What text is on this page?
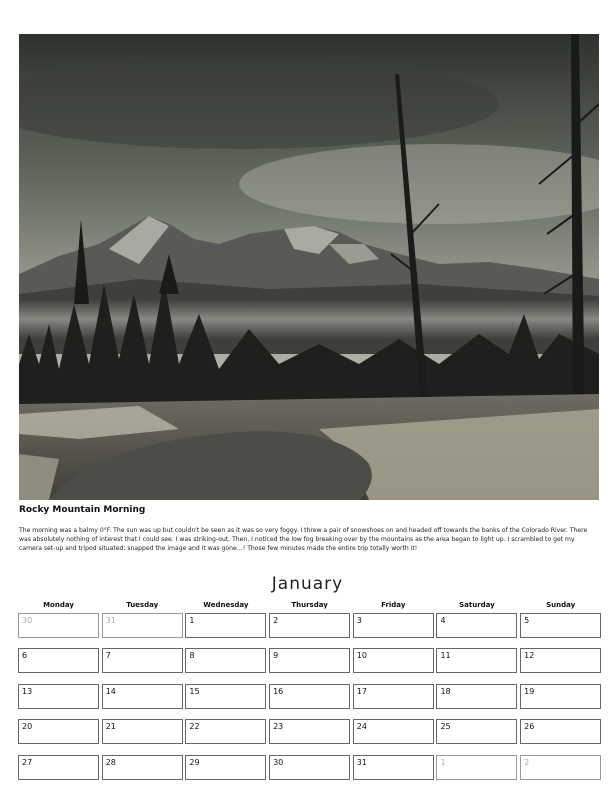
Rocky Mountain Morning
The morning was a balmy 0°F. The sun was up but couldn't be seen as it was so very foggy. I threw a pair of snowshoes on and headed off towards the banks of the Colorado River. There was absolutely nothing of interest that I could see. I was striking-out. Then, I noticed the low fog breaking over by the mountains as the area began to light up. I scrambled to get my camera set-up and tripod situated; snapped the image and it was gone…! Those few minutes made the entire trip totally worth it!
January
Monday	Tuesday	Wednesday	Thursday	Friday	Saturday	Sunday
30	31	1	2	3	4	5
6	7	8	9	10	11	12
13	14	15	16	17	18	19
20	21	22	23	24	25	26
27	28	29	30	31	1	2
